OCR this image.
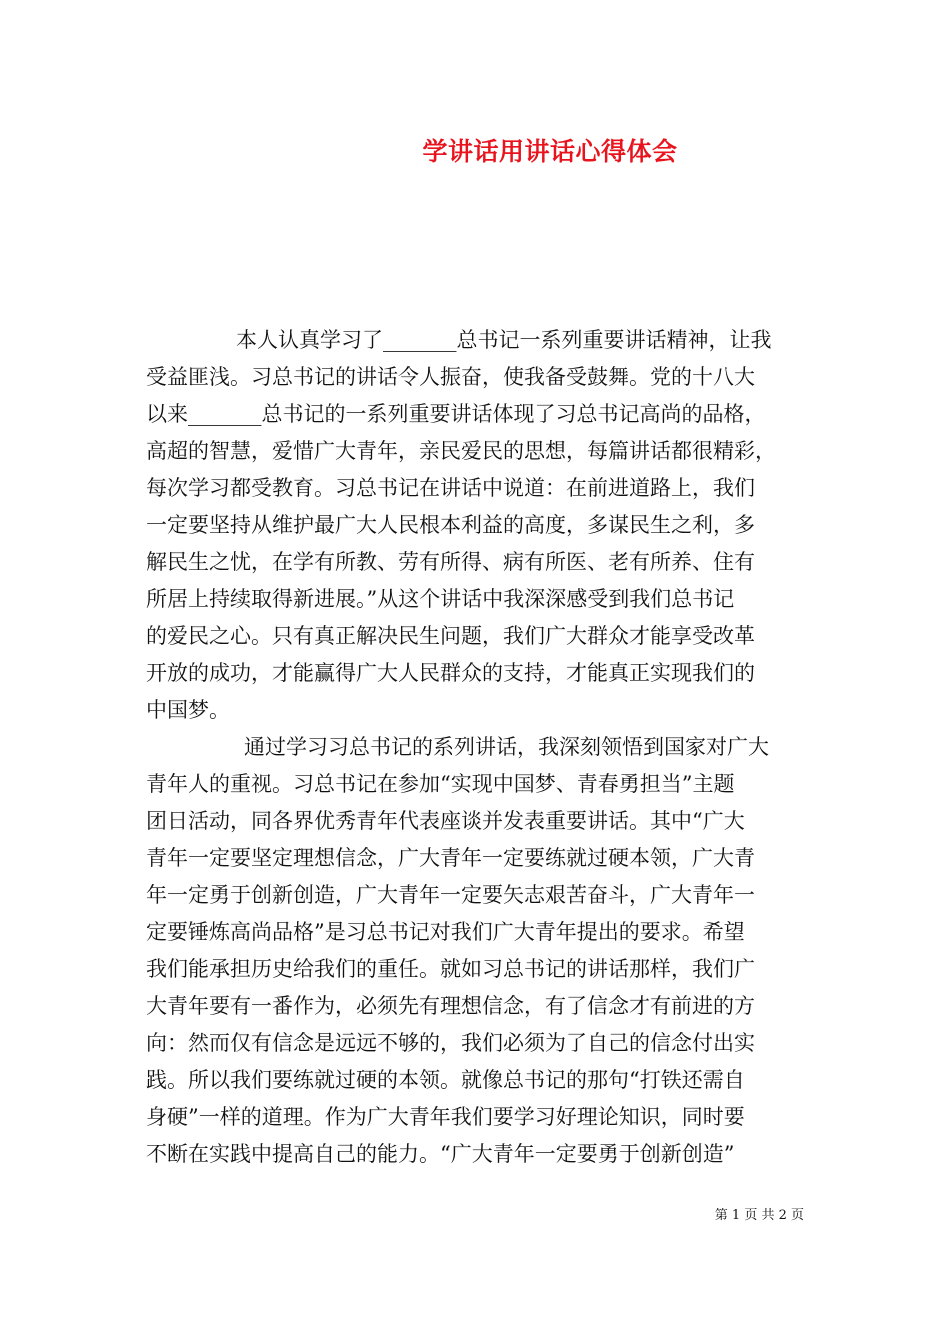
学讲话用讲话心得体会
本人认真学习了_______总书记一系列重要讲话精神，让我
受益匪浅。习总书记的讲话令人振奋，使我备受鼓舞。党的十八大
以来_______总书记的一系列重要讲话体现了习总书记高尚的品格，
高超的智慧，爱惜广大青年，亲民爱民的思想，每篇讲话都很精彩，
每次学习都受教育。习总书记在讲话中说道：在前进道路上，我们
一定要坚持从维护最广大人民根本利益的高度，多谋民生之利，多
解民生之忧，在学有所教、劳有所得、病有所医、老有所养、住有
所居上持续取得新进展。”从这个讲话中我深深感受到我们总书记
的爱民之心。只有真正解决民生问题，我们广大群众才能享受改革
开放的成功，才能赢得广大人民群众的支持，才能真正实现我们的
中国梦。
通过学习习总书记的系列讲话，我深刻领悟到国家对广大
青年人的重视。习总书记在参加“实现中国梦、青春勇担当”主题
团日活动，同各界优秀青年代表座谈并发表重要讲话。其中“广大
青年一定要坚定理想信念，广大青年一定要练就过硬本领，广大青
年一定勇于创新创造，广大青年一定要矢志艰苦奋斗，广大青年一
定要锤炼高尚品格”是习总书记对我们广大青年提出的要求。希望
我们能承担历史给我们的重任。就如习总书记的讲话那样，我们广
大青年要有一番作为，必须先有理想信念，有了信念才有前进的方
向：然而仅有信念是远远不够的，我们必须为了自己的信念付出实
践。所以我们要练就过硬的本领。就像总书记的那句“打铁还需自
身硬”一样的道理。作为广大青年我们要学习好理论知识，同时要
不断在实践中提高自己的能力。“广大青年一定要勇于创新创造”
第 1 页 共 2 页
